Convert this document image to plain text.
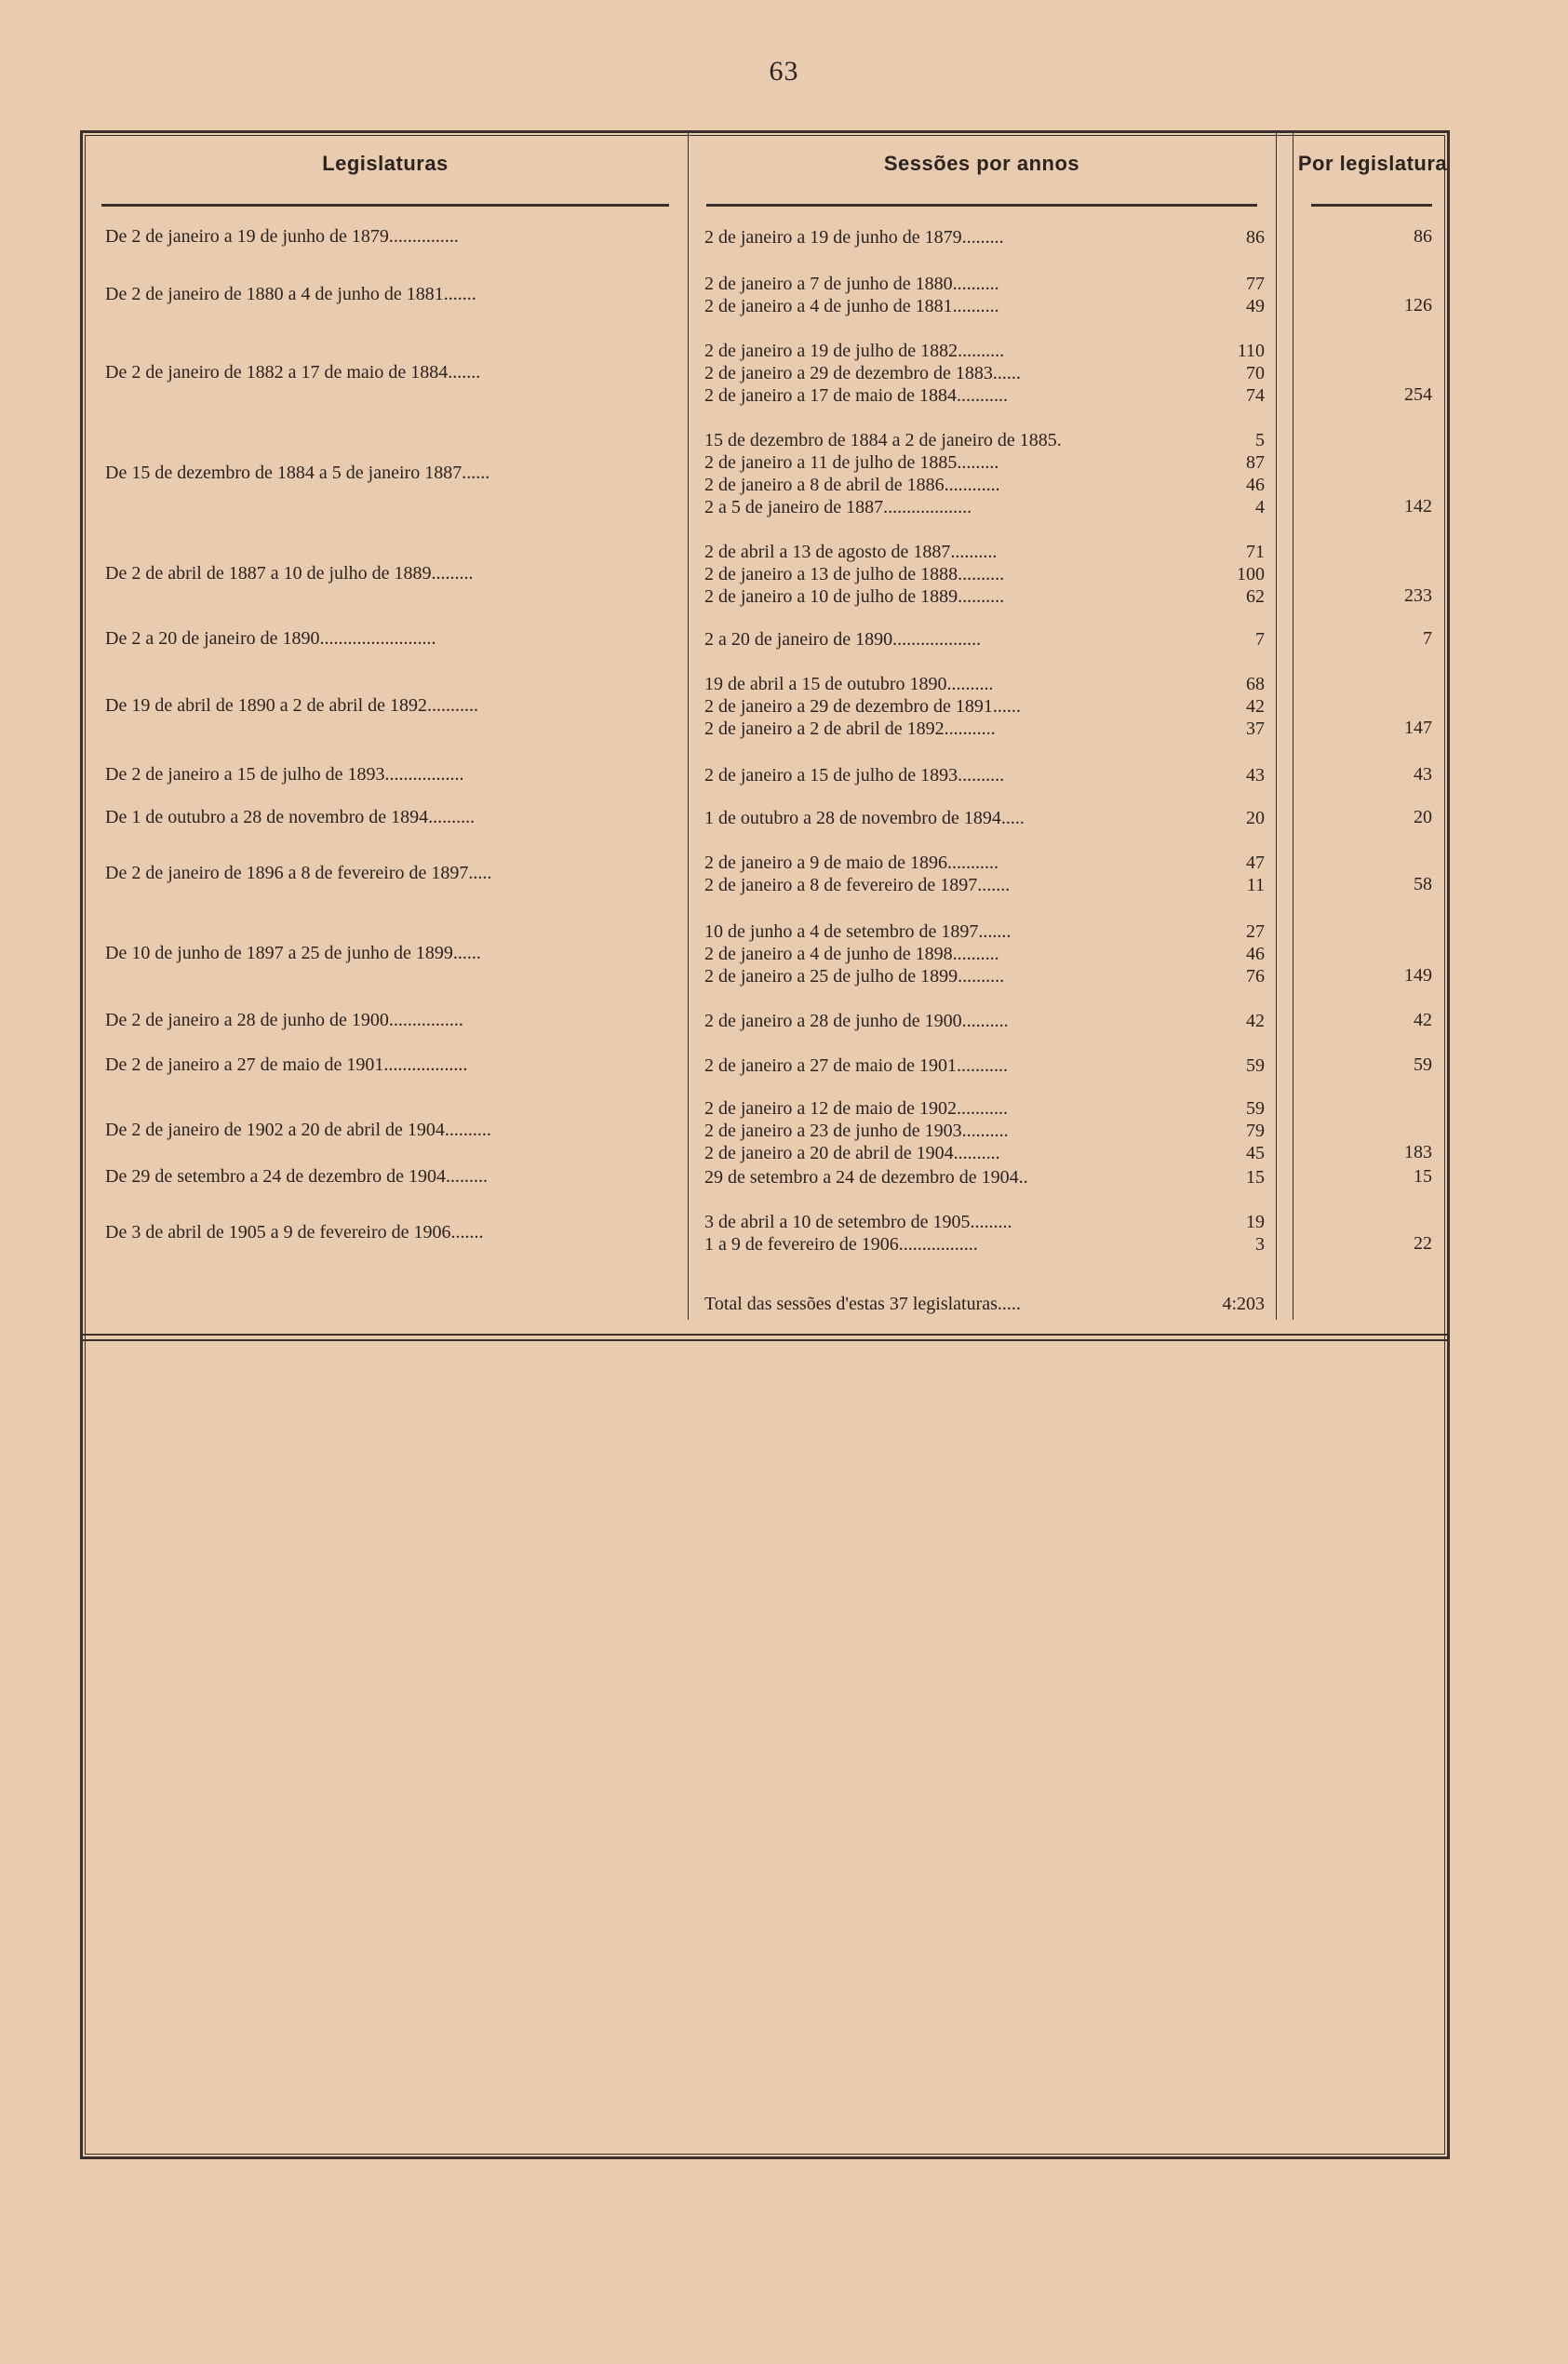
63
Legislaturas	Sessões por annos	Por legislatura
De 2 de janeiro a 19 de junho de 1879...............	2 de janeiro a 19 de junho de 1879.........	86	86
De 2 de janeiro de 1880 a 4 de junho de 1881.......	2 de janeiro a 7 de junho de 1880..........	77
2 de janeiro a 4 de junho de 1881..........	49	126
De 2 de janeiro de 1882 a 17 de maio de 1884.......
2 de janeiro a 19 de julho de 1882..........	110
2 de janeiro a 29 de dezembro de 1883......	70
2 de janeiro a 17 de maio de 1884...........	74	254
De 15 de dezembro de 1884 a 5 de janeiro 1887......
15 de dezembro de 1884 a 2 de janeiro de 1885.	5
2 de janeiro a 11 de julho de 1885.........	87
2 de janeiro a 8 de abril de 1886............	46
2 a 5 de janeiro de 1887...................	4	142
De 2 de abril de 1887 a 10 de julho de 1889.........
2 de abril a 13 de agosto de 1887..........	71
2 de janeiro a 13 de julho de 1888..........	100
2 de janeiro a 10 de julho de 1889..........	62	233
De 2 a 20 de janeiro de 1890.........................	2 a 20 de janeiro de 1890...................	7	7
De 19 de abril de 1890 a 2 de abril de 1892...........
19 de abril a 15 de outubro 1890..........	68
2 de janeiro a 29 de dezembro de 1891......	42
2 de janeiro a 2 de abril de 1892...........	37	147
De 2 de janeiro a 15 de julho de 1893.................	2 de janeiro a 15 de julho de 1893..........	43	43
De 1 de outubro a 28 de novembro de 1894..........	1 de outubro a 28 de novembro de 1894.....	20	20
De 2 de janeiro de 1896 a 8 de fevereiro de 1897.....	2 de janeiro a 9 de maio de 1896...........	47
2 de janeiro a 8 de fevereiro de 1897.......	11	58
De 10 de junho de 1897 a 25 de junho de 1899......
10 de junho a 4 de setembro de 1897.......	27
2 de janeiro a 4 de junho de 1898..........	46
2 de janeiro a 25 de julho de 1899..........	76	149
De 2 de janeiro a 28 de junho de 1900................	2 de janeiro a 28 de junho de 1900..........	42	42
De 2 de janeiro a 27 de maio de 1901..................	2 de janeiro a 27 de maio de 1901...........	59	59
De 2 de janeiro de 1902 a 20 de abril de 1904..........
2 de janeiro a 12 de maio de 1902...........	59
2 de janeiro a 23 de junho de 1903..........	79
2 de janeiro a 20 de abril de 1904..........	45	183
De 29 de setembro a 24 de dezembro de 1904.........	29 de setembro a 24 de dezembro de 1904..	15	15
De 3 de abril de 1905 a 9 de fevereiro de 1906.......	3 de abril a 10 de setembro de 1905.........	19
1 a 9 de fevereiro de 1906.................	3	22
Total das sessões d'estas 37 legislaturas.....	4:203
